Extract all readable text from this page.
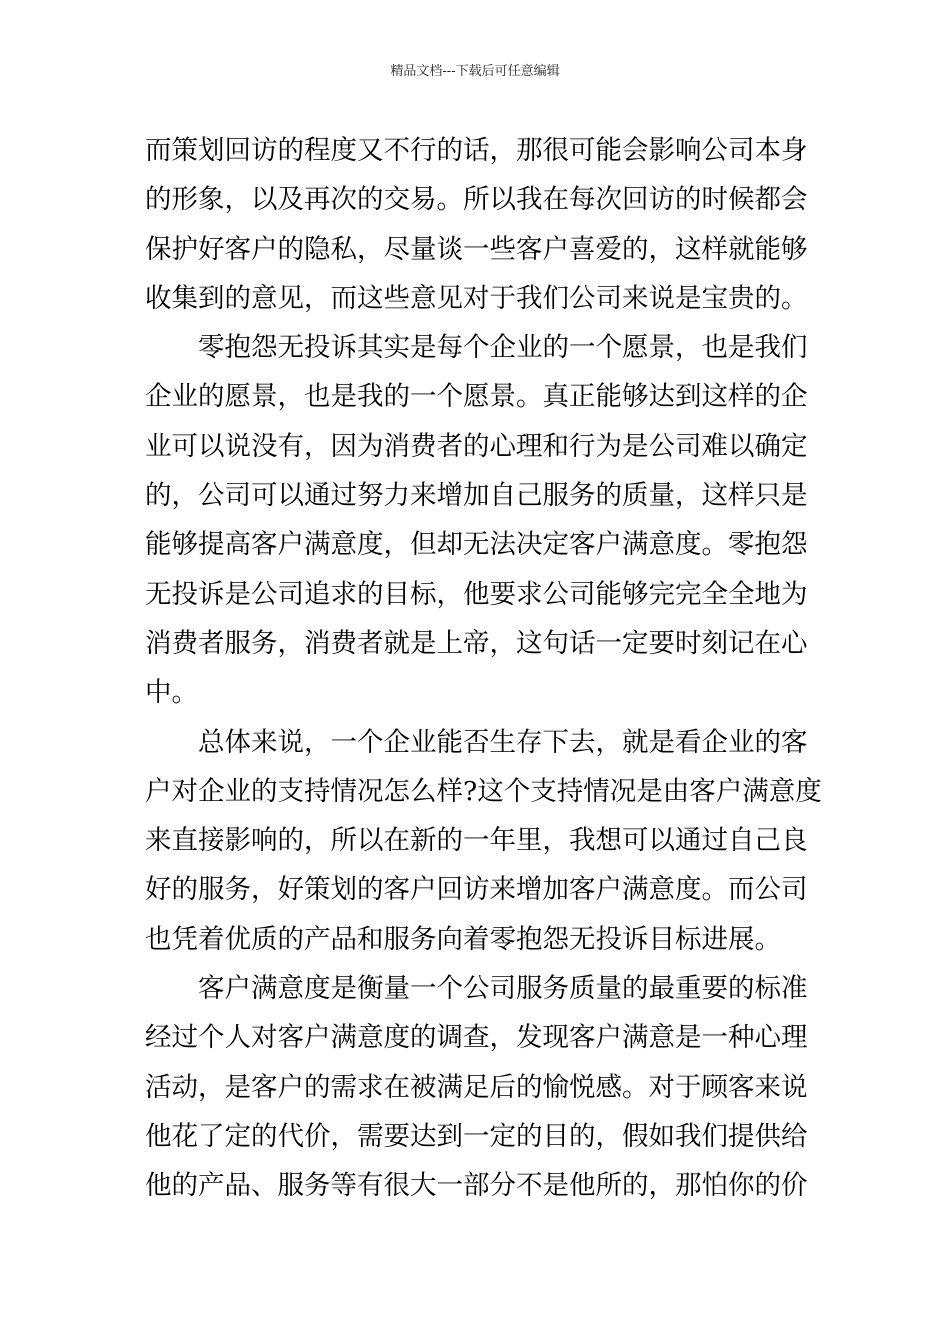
精品文档---下载后可任意编辑
而策划回访的程度又不行的话，那很可能会影响公司本身
的形象，以及再次的交易。所以我在每次回访的时候都会
保护好客户的隐私，尽量谈一些客户喜爱的，这样就能够
收集到的意见，而这些意见对于我们公司来说是宝贵的。
零抱怨无投诉其实是每个企业的一个愿景，也是我们
企业的愿景，也是我的一个愿景。真正能够达到这样的企
业可以说没有，因为消费者的心理和行为是公司难以确定
的，公司可以通过努力来增加自己服务的质量，这样只是
能够提高客户满意度，但却无法决定客户满意度。零抱怨
无投诉是公司追求的目标，他要求公司能够完完全全地为
消费者服务，消费者就是上帝，这句话一定要时刻记在心
中。
总体来说，一个企业能否生存下去，就是看企业的客
户对企业的支持情况怎么样?这个支持情况是由客户满意度
来直接影响的，所以在新的一年里，我想可以通过自己良
好的服务，好策划的客户回访来增加客户满意度。而公司
也凭着优质的产品和服务向着零抱怨无投诉目标进展。
客户满意度是衡量一个公司服务质量的最重要的标准
经过个人对客户满意度的调查，发现客户满意是一种心理
活动，是客户的需求在被满足后的愉悦感。对于顾客来说
他花了定的代价，需要达到一定的目的，假如我们提供给
他的产品、服务等有很大一部分不是他所的，那怕你的价
